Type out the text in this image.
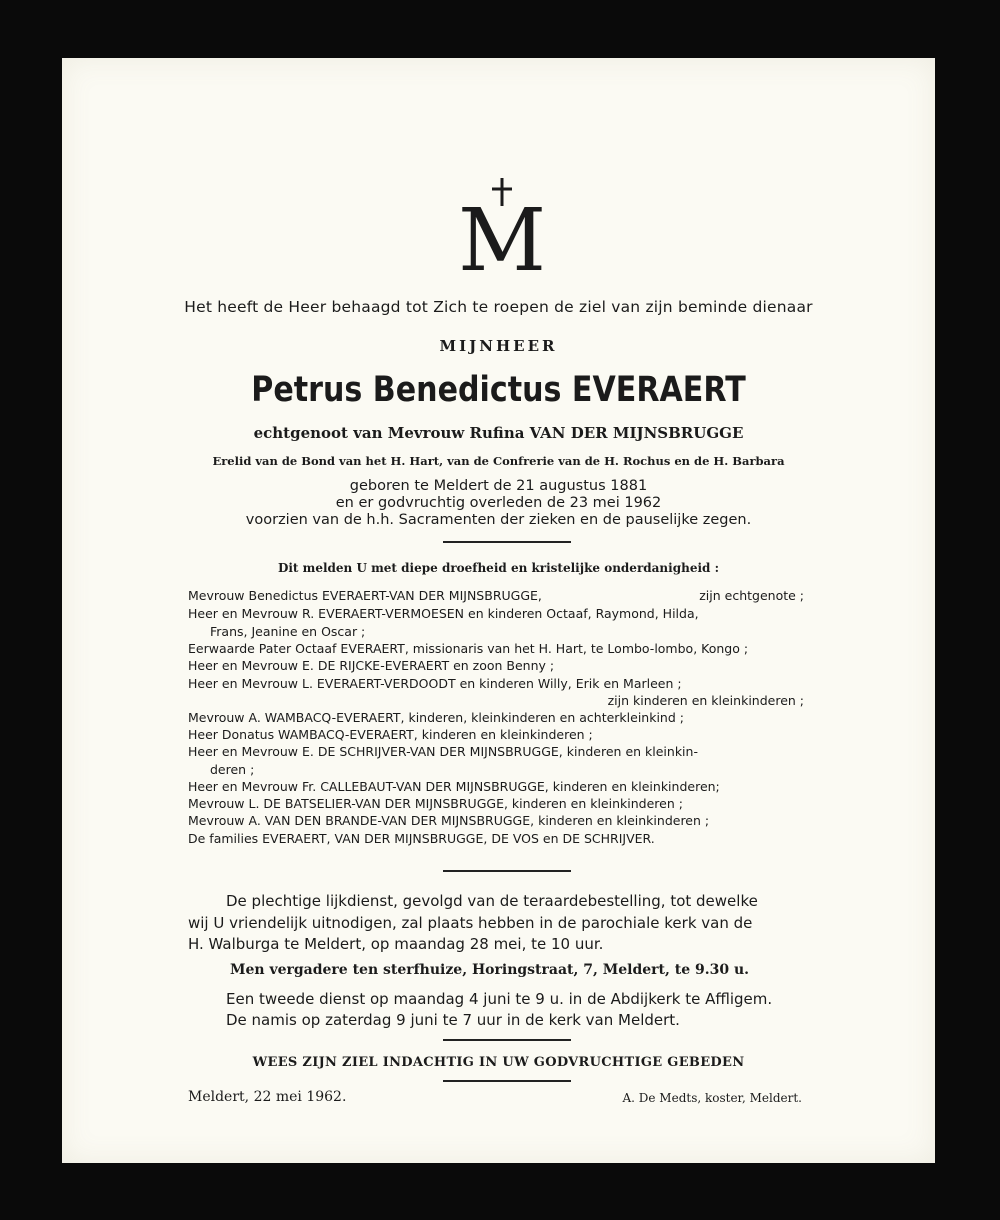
M
Het heeft de Heer behaagd tot Zich te roepen de ziel van zijn beminde dienaar
MIJNHEER
Petrus Benedictus EVERAERT
echtgenoot van Mevrouw Rufina VAN DER MIJNSBRUGGE
Erelid van de Bond van het H. Hart, van de Confrerie van de H. Rochus en de H. Barbara
geboren te Meldert de 21 augustus 1881
en er godvruchtig overleden de 23 mei 1962
voorzien van de h.h. Sacramenten der zieken en de pauselijke zegen.
Dit melden U met diepe droefheid en kristelijke onderdanigheid :
Mevrouw Benedictus EVERAERT-VAN DER MIJNSBRUGGE,	zijn echtgenote ;
Heer en Mevrouw R. EVERAERT-VERMOESEN en kinderen Octaaf, Raymond, Hilda,
Frans, Jeanine en Oscar ;
Eerwaarde Pater Octaaf EVERAERT, missionaris van het H. Hart, te Lombo-lombo, Kongo ;
Heer en Mevrouw E. DE RIJCKE-EVERAERT en zoon Benny ;
Heer en Mevrouw L. EVERAERT-VERDOODT en kinderen Willy, Erik en Marleen ;
zijn kinderen en kleinkinderen ;
Mevrouw A. WAMBACQ-EVERAERT, kinderen, kleinkinderen en achterkleinkind ;
Heer Donatus WAMBACQ-EVERAERT, kinderen en kleinkinderen ;
Heer en Mevrouw E. DE SCHRIJVER-VAN DER MIJNSBRUGGE, kinderen en kleinkin-
deren ;
Heer en Mevrouw Fr. CALLEBAUT-VAN DER MIJNSBRUGGE, kinderen en kleinkinderen;
Mevrouw L. DE BATSELIER-VAN DER MIJNSBRUGGE, kinderen en kleinkinderen ;
Mevrouw A. VAN DEN BRANDE-VAN DER MIJNSBRUGGE, kinderen en kleinkinderen ;
De families EVERAERT, VAN DER MIJNSBRUGGE, DE VOS en DE SCHRIJVER.
De plechtige lijkdienst, gevolgd van de teraardebestelling, tot dewelke
wij U vriendelijk uitnodigen, zal plaats hebben in de parochiale kerk van de
H. Walburga te Meldert, op maandag 28 mei, te 10 uur.
Men vergadere ten sterfhuize, Horingstraat, 7, Meldert, te 9.30 u.
Een tweede dienst op maandag 4 juni te 9 u. in de Abdijkerk te Affligem.
De namis op zaterdag 9 juni te 7 uur in de kerk van Meldert.
WEES ZIJN ZIEL INDACHTIG IN UW GODVRUCHTIGE GEBEDEN
Meldert, 22 mei 1962.	A. De Medts, koster, Meldert.
